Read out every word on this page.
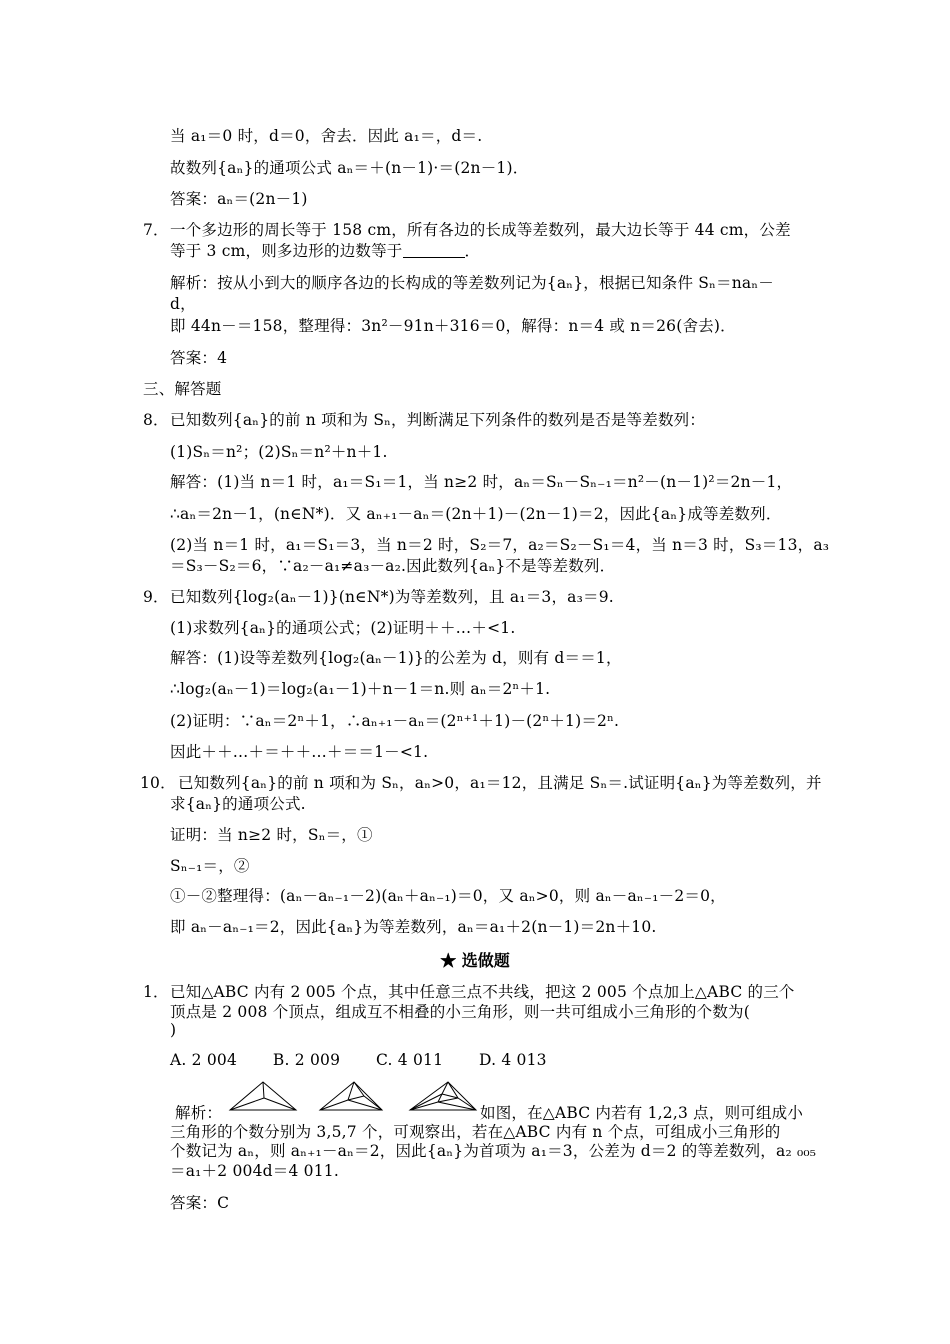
当 a₁＝0 时，d＝0，舍去．因此 a₁＝，d＝.
故数列{aₙ}的通项公式 aₙ＝＋(n－1)·＝(2n－1)．
答案：aₙ＝(2n－1)
7． 一个多边形的周长等于 158 cm，所有各边的长成等差数列，最大边长等于 44 cm，公差
等于 3 cm，则多边形的边数等于	．
解析：按从小到大的顺序各边的长构成的等差数列记为{aₙ}，根据已知条件 Sₙ＝naₙ－
d，
即 44n－＝158，整理得：3n²－91n＋316＝0，解得：n＝4 或 n＝26(舍去)．
答案：4
三、解答题
8． 已知数列{aₙ}的前 n 项和为 Sₙ，判断满足下列条件的数列是否是等差数列：
(1)Sₙ＝n²；(2)Sₙ＝n²＋n＋1.
解答：(1)当 n＝1 时，a₁＝S₁＝1，当 n≥2 时，aₙ＝Sₙ－Sₙ₋₁＝n²－(n－1)²＝2n－1，
∴aₙ＝2n－1，(n∈N*)．又 aₙ₊₁－aₙ＝(2n＋1)－(2n－1)＝2，因此{aₙ}成等差数列．
(2)当 n＝1 时，a₁＝S₁＝3，当 n＝2 时，S₂＝7，a₂＝S₂－S₁＝4，当 n＝3 时，S₃＝13，a₃
＝S₃－S₂＝6，∵a₂－a₁≠a₃－a₂.因此数列{aₙ}不是等差数列．
9． 已知数列{log₂(aₙ－1)}(n∈N*)为等差数列，且 a₁＝3，a₃＝9.
(1)求数列{aₙ}的通项公式；(2)证明＋＋…＋<1.
解答：(1)设等差数列{log₂(aₙ－1)}的公差为 d，则有 d＝＝1，
∴log₂(aₙ－1)＝log₂(a₁－1)＋n－1＝n.则 aₙ＝2ⁿ＋1.
(2)证明：∵aₙ＝2ⁿ＋1，∴aₙ₊₁－aₙ＝(2ⁿ⁺¹＋1)－(2ⁿ＋1)＝2ⁿ.
因此＋＋…＋＝＋＋…＋＝＝1－<1.
10． 已知数列{aₙ}的前 n 项和为 Sₙ，aₙ>0，a₁＝12，且满足 Sₙ＝.试证明{aₙ}为等差数列，并
求{aₙ}的通项公式.
证明：当 n≥2 时，Sₙ＝，①
Sₙ₋₁＝，②
①－②整理得：(aₙ－aₙ₋₁－2)(aₙ＋aₙ₋₁)＝0，又 aₙ>0，则 aₙ－aₙ₋₁－2＝0，
即 aₙ－aₙ₋₁＝2，因此{aₙ}为等差数列，aₙ＝a₁＋2(n－1)＝2n＋10.
★ 选做题
1． 已知△ABC 内有 2 005 个点，其中任意三点不共线，把这 2 005 个点加上△ABC 的三个
顶点是 2 008 个顶点，组成互不相叠的小三角形，则一共可组成小三角形的个数为(
)
A. 2 004       B. 2 009       C. 4 011       D. 4 013
解析：	如图，在△ABC 内若有 1,2,3 点，则可组成小
三角形的个数分别为 3,5,7 个，可观察出，若在△ABC 内有 n 个点，可组成小三角形的
个数记为 aₙ，则 aₙ₊₁－aₙ＝2，因此{aₙ}为首项为 a₁＝3，公差为 d＝2 的等差数列，a₂ ₀₀₅
＝a₁＋2 004d＝4 011.
答案：C
